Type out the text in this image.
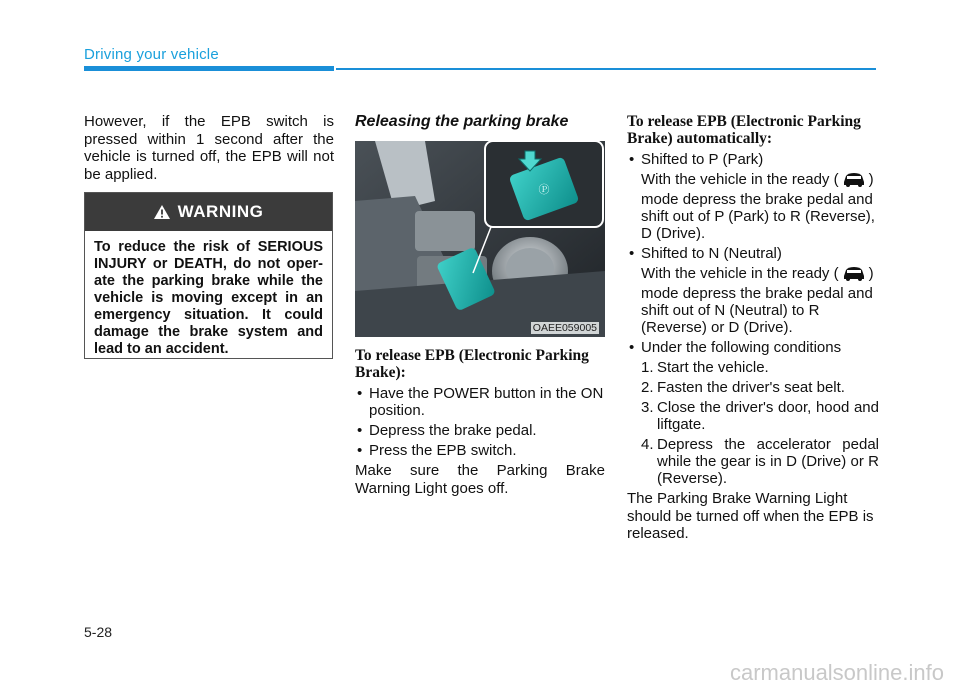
Driving your vehicle

However, if the EPB switch is pressed within 1 second after the vehicle is turned off, the EPB will not be applied.

WARNING
To reduce the risk of SERIOUS INJURY or DEATH, do not oper-ate the parking brake while the vehicle is moving except in an emergency situation. It could damage the brake system and lead to an accident.

Releasing the parking brake

Ⓟ
OAEE059005

To release EPB (Electronic Parking Brake):

• Have the POWER button in the ON position.
• Depress the brake pedal.
• Press the EPB switch.

Make sure the Parking Brake Warning Light goes off.

To release EPB (Electronic Parking Brake) automatically:

• Shifted to P (Park)

With the vehicle in the ready ( ) mode depress the brake pedal and shift out of P (Park) to R (Reverse), D (Drive).

• Shifted to N (Neutral)

With the vehicle in the ready ( ) mode depress the brake pedal and shift out of N (Neutral) to R (Reverse) or D (Drive).

• Under the following conditions
1. Start the vehicle.
2. Fasten the driver's seat belt.
3. Close the driver's door, hood and liftgate.
4. Depress the accelerator pedal while the gear is in D (Drive) or R (Reverse).

The Parking Brake Warning Light should be turned off when the EPB is released.

5-28
carmanualsonline.info
